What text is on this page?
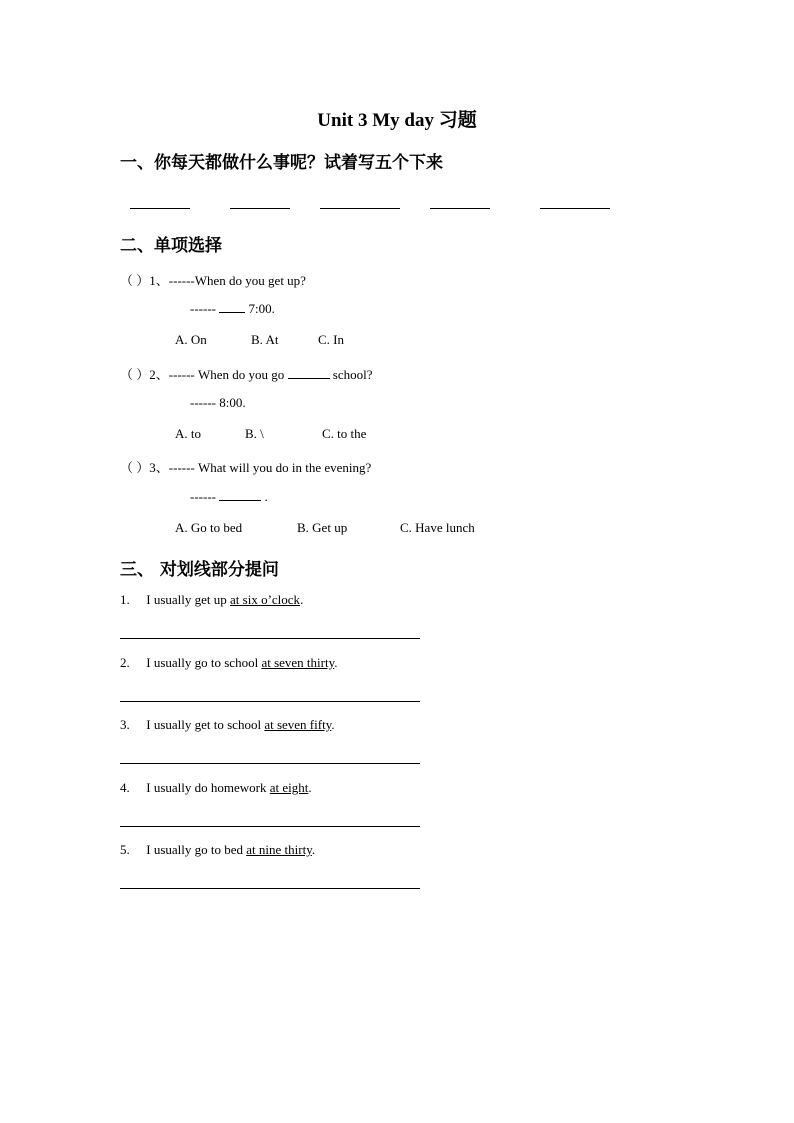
Unit 3 My day 习题
一、你每天都做什么事呢？试着写五个下来
二、单项选择
（ ）1、------When do you get up?
------	7:00.
A. On	B. At	C. In
（ ）2、------ When do you go	school?
------ 8:00.
A. to	B. \	C. to the
（ ）3、------ What will you do in the evening?
------	.
A. Go to bed	B. Get up	C. Have lunch
三、 对划线部分提问
1. I usually get up at six o’clock.
2. I usually go to school at seven thirty.
3. I usually get to school at seven fifty.
4. I usually do homework at eight.
5. I usually go to bed at nine thirty.
